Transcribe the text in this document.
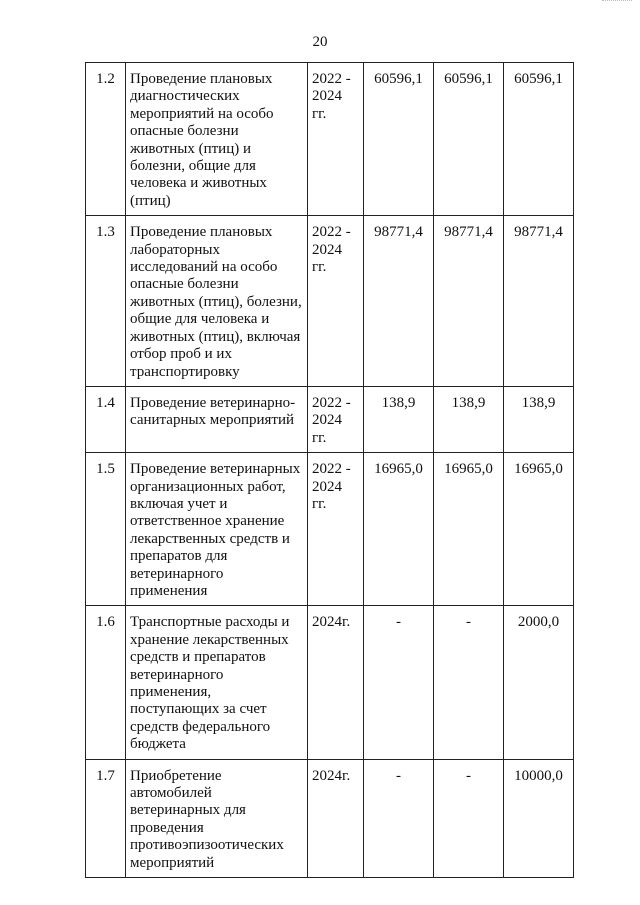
20
1.2	Проведение плановых диагностических мероприятий на особо опасные болезни животных (птиц) и болезни, общие для человека и животных (птиц)	2022 - 2024 гг.	60596,1	60596,1	60596,1
1.3	Проведение плановых лабораторных исследований на особо опасные болезни животных (птиц), болезни, общие для человека и животных (птиц), включая отбор проб и их транспортировку	2022 - 2024 гг.	98771,4	98771,4	98771,4
1.4	Проведение ветеринарно-санитарных мероприятий	2022 - 2024 гг.	138,9	138,9	138,9
1.5	Проведение ветеринарных организационных работ, включая учет и ответственное хранение лекарственных средств и препаратов для ветеринарного применения	2022 - 2024 гг.	16965,0	16965,0	16965,0
1.6	Транспортные расходы и хранение лекарственных средств и препаратов ветеринарного применения, поступающих за счет средств федерального бюджета	2024г.	-	-	2000,0
1.7	Приобретение автомобилей ветеринарных для проведения противоэпизоотических мероприятий	2024г.	-	-	10000,0
